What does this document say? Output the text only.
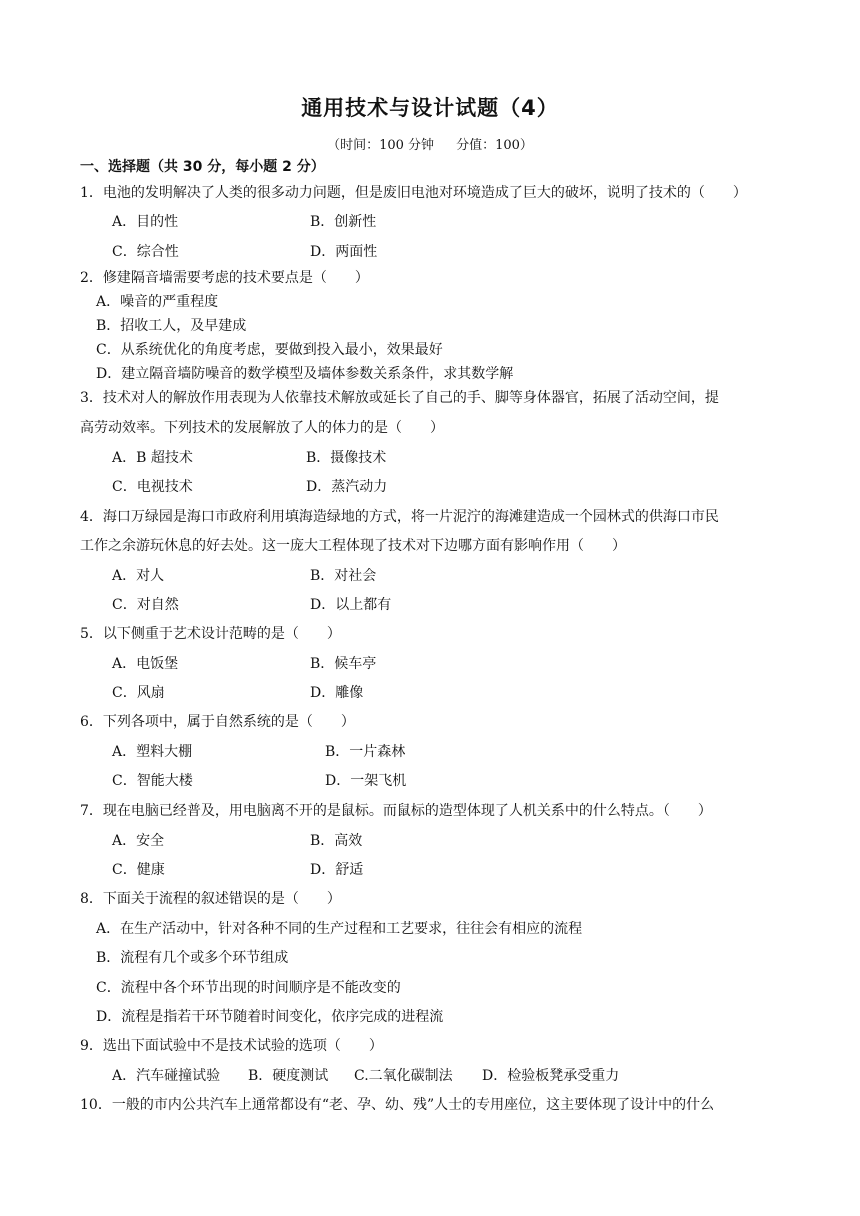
通用技术与设计试题（4）
（时间：100 分钟 分值：100）
一、选择题（共 30 分，每小题 2 分）
1．电池的发明解决了人类的很多动力问题，但是废旧电池对环境造成了巨大的破坏，说明了技术的（　　）
A．目的性	B．创新性
C．综合性	D．两面性
2．修建隔音墙需要考虑的技术要点是（　　）
A．噪音的严重程度
B．招收工人，及早建成
C．从系统优化的角度考虑，要做到投入最小，效果最好
D．建立隔音墙防噪音的数学模型及墙体参数关系条件，求其数学解
3．技术对人的解放作用表现为人依靠技术解放或延长了自己的手、脚等身体器官，拓展了活动空间，提
高劳动效率。下列技术的发展解放了人的体力的是（　　）
A．B 超技术	B．摄像技术
C．电视技术	D．蒸汽动力
4．海口万绿园是海口市政府利用填海造绿地的方式，将一片泥泞的海滩建造成一个园林式的供海口市民
工作之余游玩休息的好去处。这一庞大工程体现了技术对下边哪方面有影响作用（　　）
A．对人	B．对社会
C．对自然	D．以上都有
5．以下侧重于艺术设计范畴的是（　　）
A．电饭堡	B．候车亭
C．风扇	D．雕像
6．下列各项中，属于自然系统的是（　　）
A．塑料大棚	B．一片森林
C．智能大楼	D．一架飞机
7．现在电脑已经普及，用电脑离不开的是鼠标。而鼠标的造型体现了人机关系中的什么特点。（　　）
A．安全	B．高效
C．健康	D．舒适
8．下面关于流程的叙述错误的是（　　）
A．在生产活动中，针对各种不同的生产过程和工艺要求，往往会有相应的流程
B．流程有几个或多个环节组成
C．流程中各个环节出现的时间顺序是不能改变的
D．流程是指若干环节随着时间变化，依序完成的进程流
9．选出下面试验中不是技术试验的选项（　　）
A．汽车碰撞试验 B．硬度测试 C.二氧化碳制法 D．检验板凳承受重力
10．一般的市内公共汽车上通常都设有“老、孕、幼、残”人士的专用座位，这主要体现了设计中的什么
